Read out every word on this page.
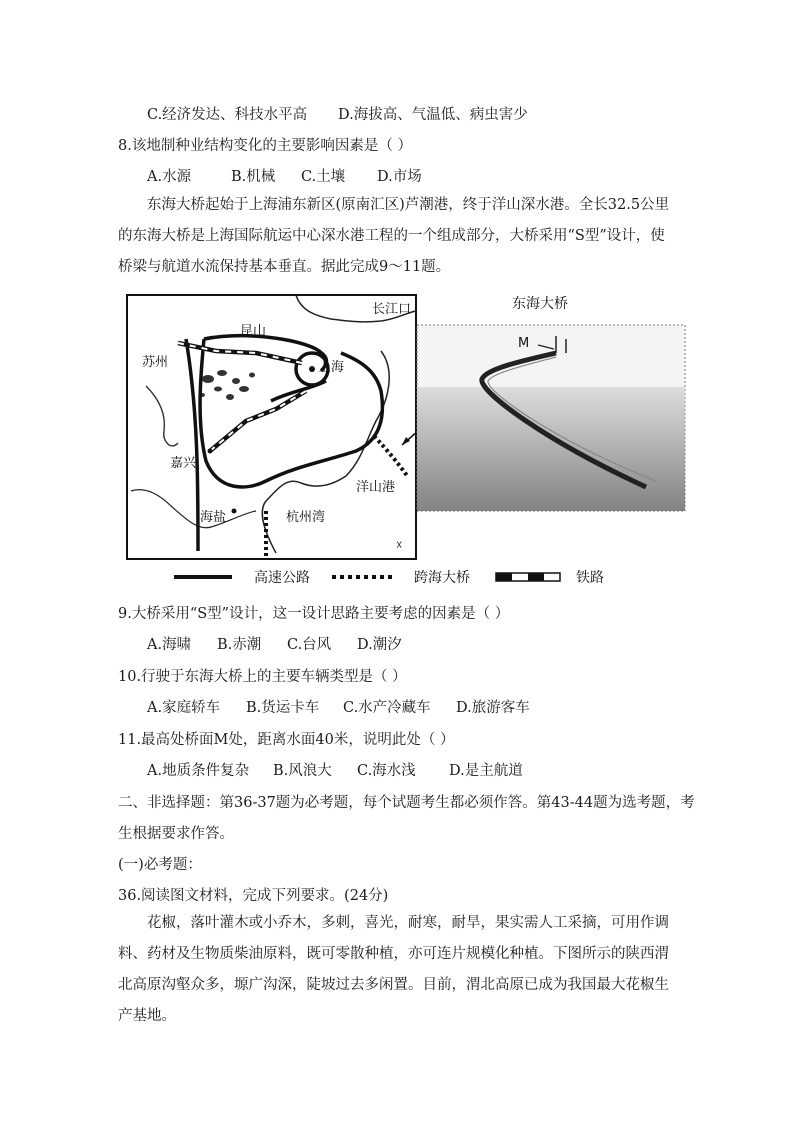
C.经济发达、科技水平高 D.海拔高、气温低、病虫害少
8.该地制种业结构变化的主要影响因素是（ ）
A.水源	B.机械 C.土壤 D.市场
东海大桥起始于上海浦东新区(原南汇区)芦潮港，终于洋山深水港。全长32.5公里的东海大桥是上海国际航运中心深水港工程的一个组成部分，大桥采用“S型”设计，使桥梁与航道水流保持基本垂直。据此完成9～11题。
长江口
昆山
苏州	上海
嘉兴
洋山港
海盐	杭州湾
☓
东海大桥
M
高速公路	跨海大桥	铁路
9.大桥采用“S型”设计，这一设计思路主要考虑的因素是（ ）
A.海啸 B.赤潮 C.台风 D.潮汐
10.行驶于东海大桥上的主要车辆类型是（ ）
A.家庭轿车 B.货运卡车 C.水产冷藏车 D.旅游客车
11.最高处桥面M处，距离水面40米，说明此处（ ）
A.地质条件复杂 B.风浪大 C.海水浅 D.是主航道
二、非选择题：第36-37题为必考题，每个试题考生都必须作答。第43-44题为选考题，考
生根据要求作答。
(一)必考题：
36.阅读图文材料，完成下列要求。(24分)
花椒，落叶灌木或小乔木，多刺，喜光，耐寒，耐旱，果实需人工采摘，可用作调料、药材及生物质柴油原料，既可零散种植，亦可连片规模化种植。下图所示的陕西渭北高原沟壑众多，塬广沟深，陡坡过去多闲置。目前，渭北高原已成为我国最大花椒生产基地。
